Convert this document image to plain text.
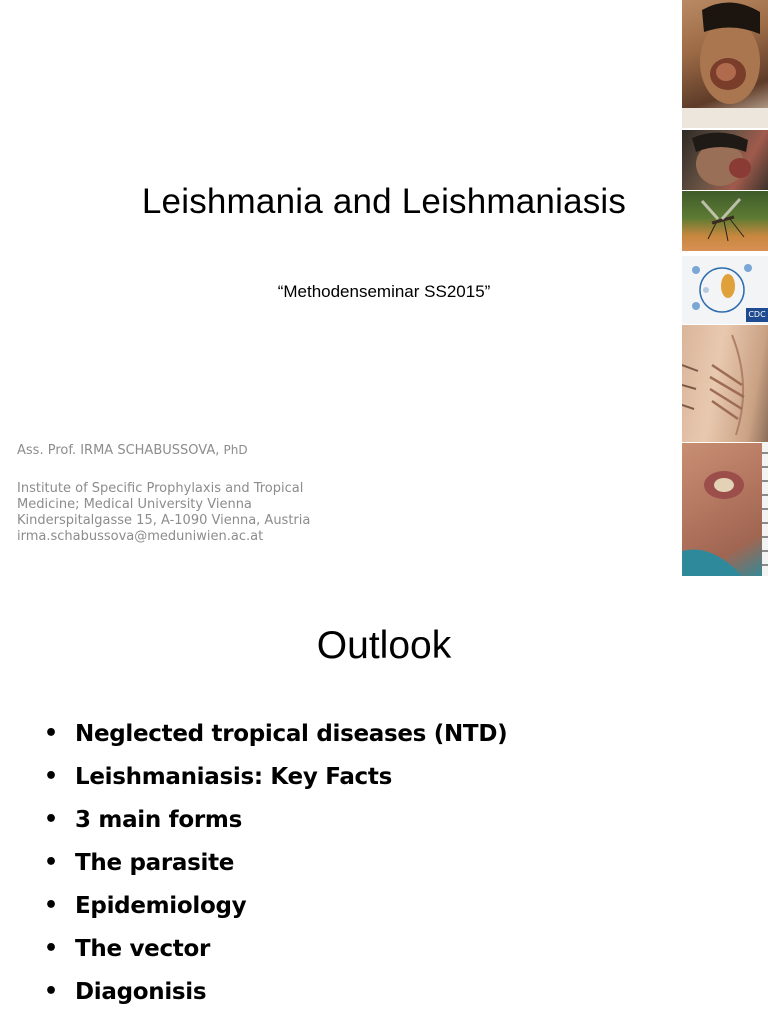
Leishmania and Leishmaniasis
“Methodenseminar SS2015”
Ass. Prof. IRMA SCHABUSSOVA, PhD
Institute of Specific Prophylaxis and Tropical
Medicine; Medical University Vienna
Kinderspitalgasse 15, A-1090 Vienna, Austria
irma.schabussova@meduniwien.ac.at
CDC
Outlook
• Neglected tropical diseases (NTD)
• Leishmaniasis: Key Facts
• 3 main forms
• The parasite
• Epidemiology
• The vector
• Diagonisis
